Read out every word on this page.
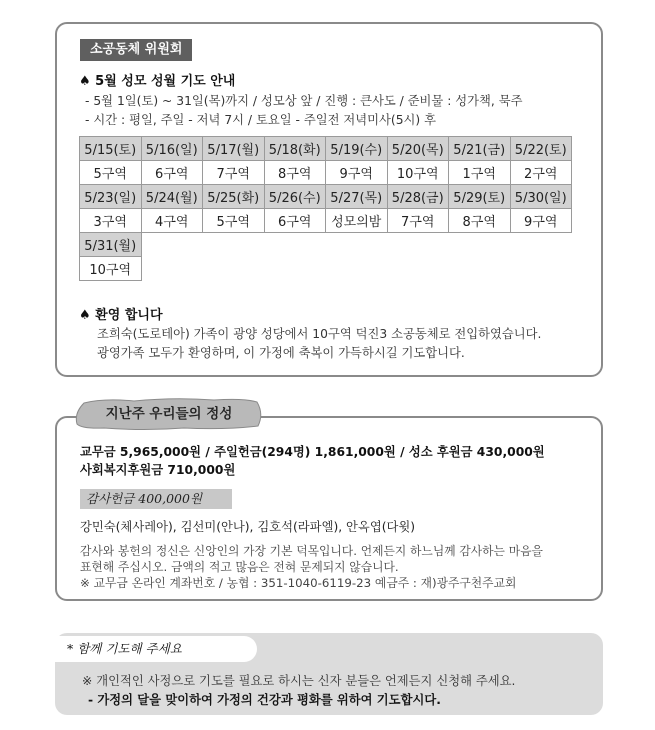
소공동체 위원회
♠ 5월 성모 성월 기도 안내
- 5월 1일(토) ~ 31일(목)까지 / 성모상 앞 / 진행 : 큰사도 / 준비물 : 성가책, 묵주
- 시간 : 평일, 주일 - 저녁 7시 / 토요일 - 주일전 저녁미사(5시) 후
5/15(토)	5/16(일)	5/17(월)	5/18(화)	5/19(수)	5/20(목)	5/21(금)	5/22(토)
5구역	6구역	7구역	8구역	9구역	10구역	1구역	2구역
5/23(일)	5/24(월)	5/25(화)	5/26(수)	5/27(목)	5/28(금)	5/29(토)	5/30(일)
3구역	4구역	5구역	6구역	성모의밤	7구역	8구역	9구역
5/31(월)							
10구역							
♠ 환영 합니다
조희숙(도로테아) 가족이 광양 성당에서 10구역 덕진3 소공동체로 전입하였습니다.
광영가족 모두가 환영하며, 이 가정에 축복이 가득하시길 기도합니다.
교무금 5,965,000원 / 주일헌금(294명) 1,861,000원 / 성소 후원금 430,000원
사회복지후원금 710,000원
감사헌금 400,000원
강민숙(체사레아), 김선미(안나), 김호석(라파엘), 안옥엽(다윗)
감사와 봉헌의 정신은 신앙인의 가장 기본 덕목입니다. 언제든지 하느님께 감사하는 마음을
표현해 주십시오. 금액의 적고 많음은 전혀 문제되지 않습니다.
※ 교무금 온라인 계좌번호 / 농협 : 351-1040-6119-23 예금주 : 재)광주구천주교회
지난주 우리들의 정성
* 함께 기도해 주세요
※ 개인적인 사정으로 기도를 필요로 하시는 신자 분들은 언제든지 신청해 주세요.
- 가정의 달을 맞이하여 가정의 건강과 평화를 위하여 기도합시다.
